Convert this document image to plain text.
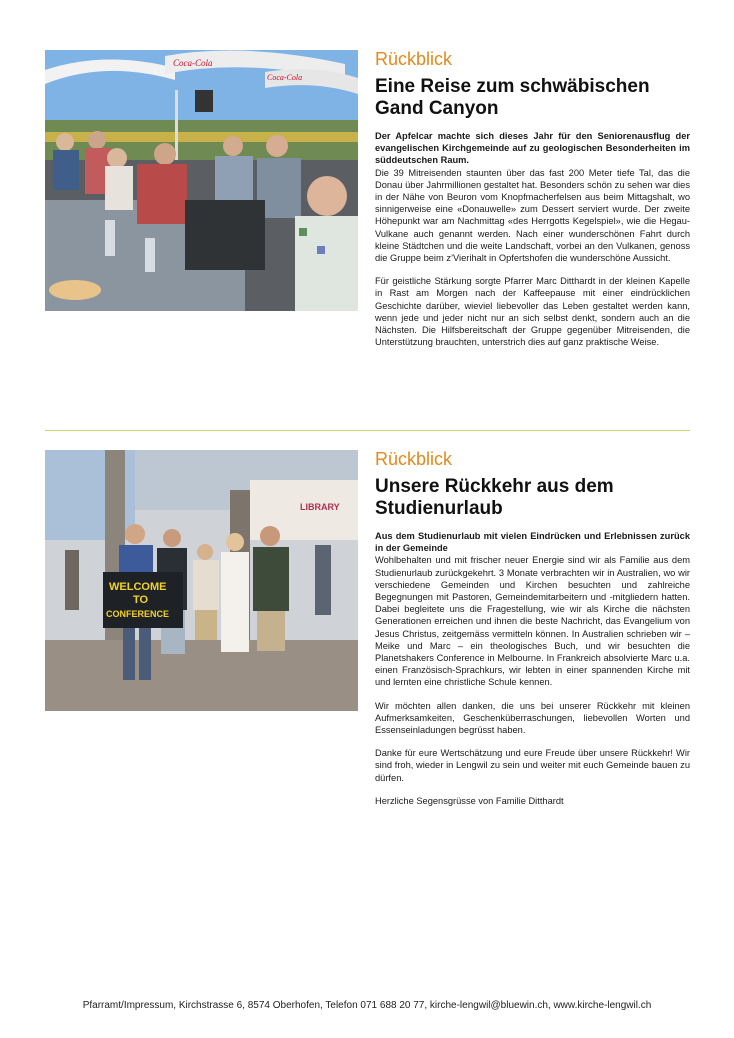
Coca-Cola
Coca-Cola
Rückblick
Eine Reise zum schwäbischen Gand Canyon

Der Apfelcar machte sich dieses Jahr für den Seniorenausflug der evangelischen Kirchgemeinde auf zu geologischen Besonderheiten im süddeutschen Raum.

Die 39 Mitreisenden staunten über das fast 200 Meter tiefe Tal, das die Donau über Jahrmillionen gestaltet hat. Besonders schön zu sehen war dies in der Nähe von Beuron vom Knopfmacherfelsen aus beim Mittagshalt, wo sinnigerweise eine «Donauwelle» zum Dessert serviert wurde. Der zweite Höhepunkt war am Nachmittag «des Herrgotts Kegelspiel», wie die Hegau-Vulkane auch genannt werden. Nach einer wunderschönen Fahrt durch kleine Städtchen und die weite Landschaft, vorbei an den Vulkanen, genoss die Gruppe beim z’Vierihalt in Opfertshofen die wunderschöne Aussicht.

Für geistliche Stärkung sorgte Pfarrer Marc Ditthardt in der kleinen Kapelle in Rast am Morgen nach der Kaffeepause mit einer eindrücklichen Geschichte darüber, wieviel liebevoller das Leben gestaltet werden kann, wenn jede und jeder nicht nur an sich selbst denkt, sondern auch an die Nächsten. Die Hilfsbereitschaft der Gruppe gegenüber Mitreisenden, die Unterstützung brauchten, unterstrich dies auf ganz praktische Weise.

LIBRARY
WELCOME
TO
CONFERENCE
Rückblick
Unsere Rückkehr aus dem Studienurlaub

Aus dem Studienurlaub mit vielen Eindrücken und Erlebnissen zurück in der Gemeinde

Wohlbehalten und mit frischer neuer Energie sind wir als Familie aus dem Studienurlaub zurückgekehrt. 3 Monate verbrachten wir in Australien, wo wir verschiedene Gemeinden und Kirchen besuchten und zahlreiche Begegnungen mit Pastoren, Gemeindemitarbeitern und -mitgliedern hatten. Dabei begleitete uns die Fragestellung, wie wir als Kirche die nächsten Generationen erreichen und ihnen die beste Nachricht, das Evangelium von Jesus Christus, zeitgemäss vermitteln können. In Australien schrieben wir – Meike und Marc – ein theologisches Buch, und wir besuchten die Planetshakers Conference in Melbourne. In Frankreich absolvierte Marc u.a. einen Französisch-Sprachkurs, wir lebten in einer spannenden Kirche mit und lernten eine christliche Schule kennen.

Wir möchten allen danken, die uns bei unserer Rückkehr mit kleinen Aufmerksamkeiten, Geschenküberraschungen, liebevollen Worten und Essenseinladungen begrüsst haben.

Danke für eure Wertschätzung und eure Freude über unsere Rückkehr! Wir sind froh, wieder in Lengwil zu sein und weiter mit euch Gemeinde bauen zu dürfen.

Herzliche Segensgrüsse von Familie Ditthardt

Pfarramt/Impressum, Kirchstrasse 6, 8574 Oberhofen, Telefon 071 688 20 77, kirche-lengwil@bluewin.ch, www.kirche-lengwil.ch
